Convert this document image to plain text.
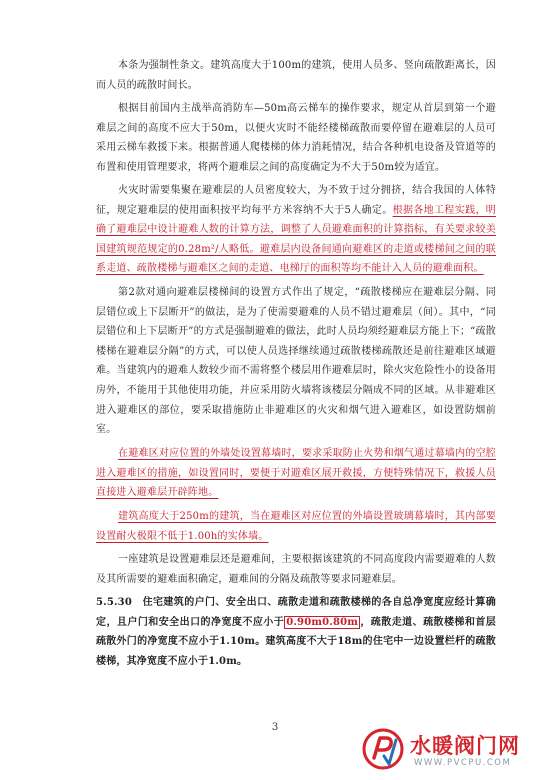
本条为强制性条文。建筑高度大于100m的建筑，使用人员多、竖向疏散距离长，因而人员的疏散时间长。
根据目前国内主战举高消防车—50m高云梯车的操作要求，规定从首层到第一个避难层之间的高度不应大于50m，以便火灾时不能经楼梯疏散而要停留在避难层的人员可采用云梯车救援下来。根据普通人爬楼梯的体力消耗情况，结合各种机电设备及管道等的布置和使用管理要求，将两个避难层之间的高度确定为不大于50m较为适宜。
火灾时需要集聚在避难层的人员密度较大，为不致于过分拥挤，结合我国的人体特征，规定避难层的使用面积按平均每平方米容纳不大于5人确定。根据各地工程实践，明确了避难层中设计避难人数的计算方法，调整了人员避难面积的计算指标，有关要求较美国建筑规范规定的0.28m²/人略低。避难层内设备间通向避难区的走道或楼梯间之间的联系走道、疏散楼梯与避难区之间的走道、电梯厅的面积等均不能计入人员的避难面积。
第2款对通向避难层楼梯间的设置方式作出了规定，“疏散楼梯应在避难层分隔、同层错位或上下层断开”的做法，是为了使需要避难的人员不错过避难层（间）。其中，“同层错位和上下层断开”的方式是强制避难的做法，此时人员均须经避难层方能上下；“疏散楼梯在避难层分隔”的方式，可以使人员选择继续通过疏散楼梯疏散还是前往避难区域避难。当建筑内的避难人数较少而不需将整个楼层用作避难层时，除火灾危险性小的设备用房外，不能用于其他使用功能，并应采用防火墙将该楼层分隔成不同的区域。从非避难区进入避难区的部位，要采取措施防止非避难区的火灾和烟气进入避难区，如设置防烟前室。
在避难区对应位置的外墙处设置幕墙时，要求采取防止火势和烟气通过幕墙内的空腔进入避难区的措施，如设置同时，要便于对避难区展开救援，方便特殊情况下，救援人员直接进入避难层开辟阵地。
建筑高度大于250m的建筑，当在避难区对应位置的外墙设置玻璃幕墙时，其内部要设置耐火极限不低于1.00h的实体墙。
3
水暖阀门网
WWW.PVCPU.COM
一座建筑是设置避难层还是避难间，主要根据该建筑的不同高度段内需要避难的人数及其所需要的避难面积确定，避难间的分隔及疏散等要求同避难层。
5.5.30　住宅建筑的户门、安全出口、疏散走道和疏散楼梯的各自总净宽度应经计算确定，且户门和安全出口的净宽度不应小于 0.90m0.80m ，疏散走道、疏散楼梯和首层疏散外门的净宽度不应小于1.10m。建筑高度不大于18m的住宅中一边设置栏杆的疏散楼梯，其净宽度不应小于1.0m。
